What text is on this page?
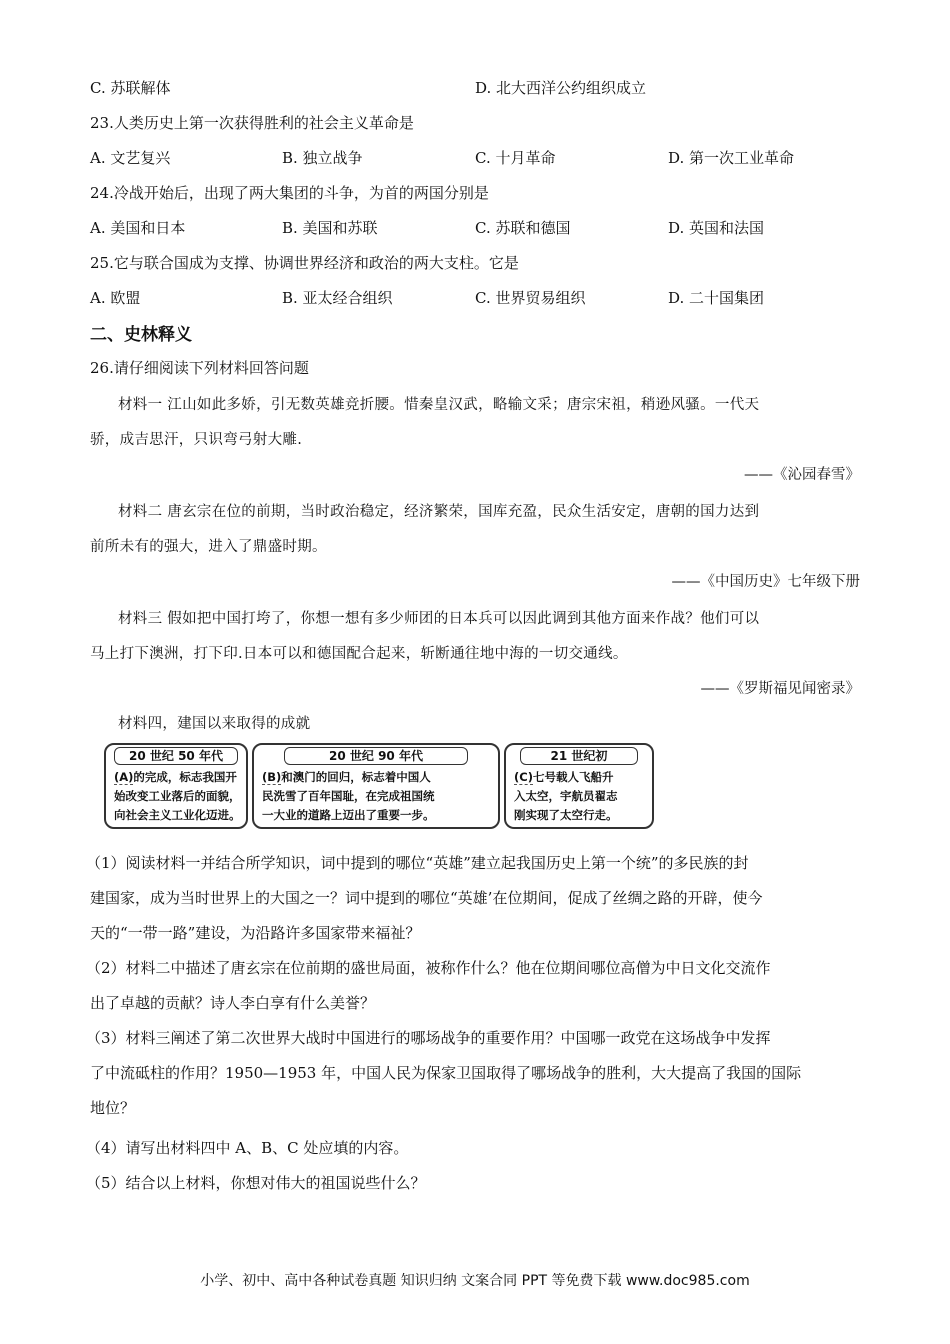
C. 苏联解体	D. 北大西洋公约组织成立
23.人类历史上第一次获得胜利的社会主义革命是
A. 文艺复兴	B. 独立战争	C. 十月革命	D. 第一次工业革命
24.冷战开始后，出现了两大集团的斗争，为首的两国分别是
A. 美国和日本	B. 美国和苏联	C. 苏联和德国	D. 英国和法国
25.它与联合国成为支撑、协调世界经济和政治的两大支柱。它是
A. 欧盟	B. 亚太经合组织	C. 世界贸易组织	D. 二十国集团
二、史林释义
26.请仔细阅读下列材料回答问题
材料一 江山如此多娇，引无数英雄竞折腰。惜秦皇汉武，略输文采；唐宗宋祖，稍逊风骚。一代天
骄，成吉思汗，只识弯弓射大雕.
——《沁园春雪》
材料二 唐玄宗在位的前期，当时政治稳定，经济繁荣，国库充盈，民众生活安定，唐朝的国力达到
前所未有的强大，进入了鼎盛时期。
——《中国历史》七年级下册
材料三 假如把中国打垮了，你想一想有多少师团的日本兵可以因此调到其他方面来作战？他们可以
马上打下澳洲，打下印.日本可以和德国配合起来，斩断通往地中海的一切交通线。
——《罗斯福见闻密录》
材料四，建国以来取得的成就
20 世纪 50 年代
(A)的完成，标志我国开
始改变工业落后的面貌，
向社会主义工业化迈进。
20 世纪 90 年代
(B)和澳门的回归，标志着中国人
民洗雪了百年国耻，在完成祖国统
一大业的道路上迈出了重要一步。
21 世纪初
(C)七号载人飞船升
入太空，宇航员翟志
刚实现了太空行走。
（1）阅读材料一并结合所学知识，词中提到的哪位“英雄”建立起我国历史上第一个统”的多民族的封
建国家，成为当时世界上的大国之一？词中提到的哪位“英雄’在位期间，促成了丝绸之路的开辟，使今
天的“一带一路”建设，为沿路许多国家带来福祉？
（2）材料二中描述了唐玄宗在位前期的盛世局面，被称作什么？他在位期间哪位高僧为中日文化交流作
出了卓越的贡献？诗人李白享有什么美誉？
（3）材料三阐述了第二次世界大战时中国进行的哪场战争的重要作用？中国哪一政党在这场战争中发挥
了中流砥柱的作用？1950—1953 年，中国人民为保家卫国取得了哪场战争的胜利，大大提高了我国的国际
地位？
（4）请写出材料四中 A、B、C 处应填的内容。
（5）结合以上材料，你想对伟大的祖国说些什么？
小学、初中、高中各种试卷真题 知识归纳 文案合同 PPT 等免费下载 www.doc985.com
